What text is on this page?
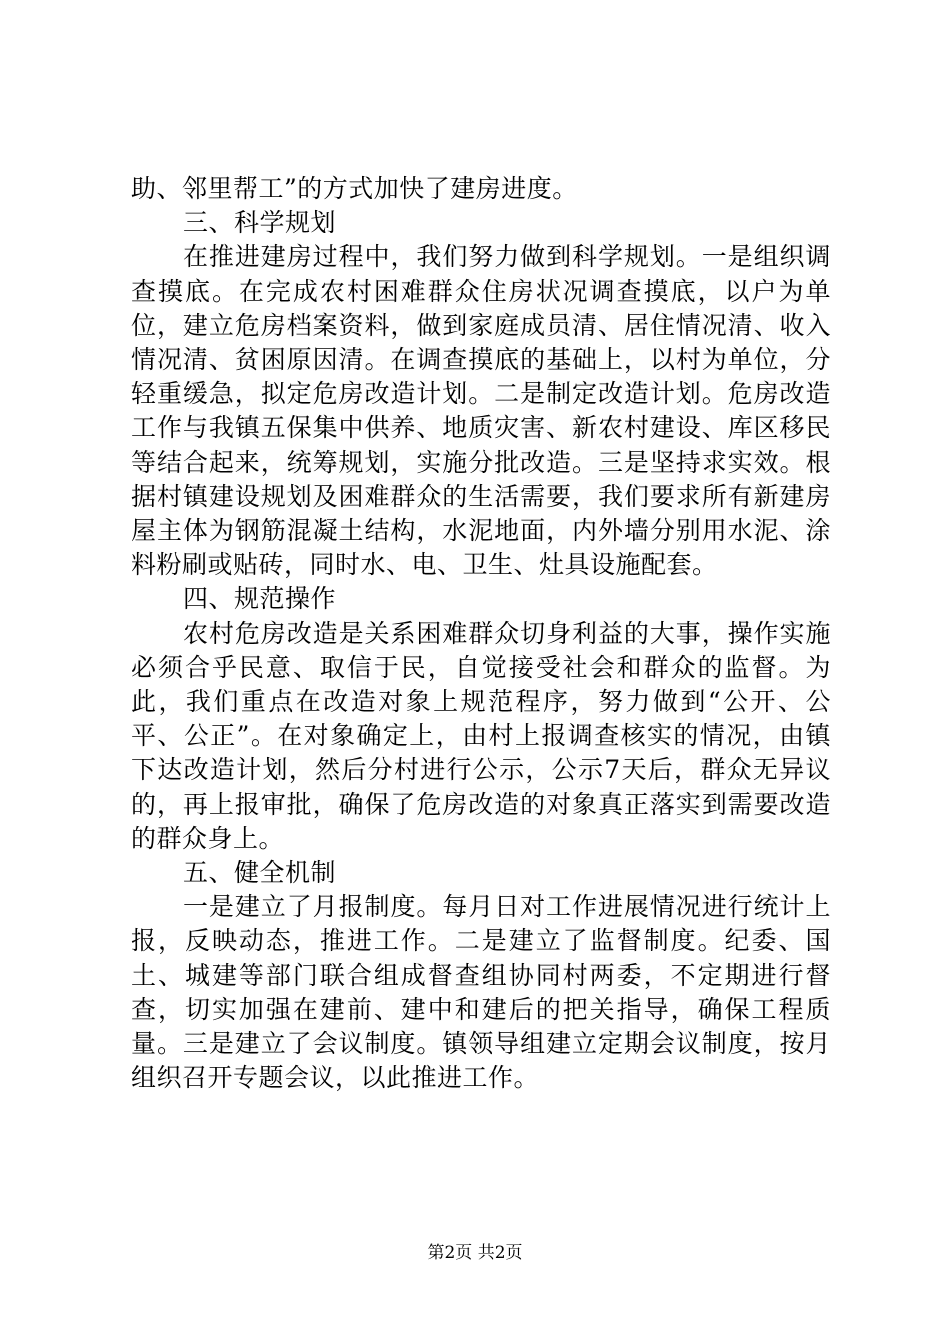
助、邻里帮工”的方式加快了建房进度。

三、科学规划

在推进建房过程中，我们努力做到科学规划。一是组织调查摸底。在完成农村困难群众住房状况调查摸底，以户为单位，建立危房档案资料，做到家庭成员清、居住情况清、收入情况清、贫困原因清。在调查摸底的基础上，以村为单位，分轻重缓急，拟定危房改造计划。二是制定改造计划。危房改造工作与我镇五保集中供养、地质灾害、新农村建设、库区移民等结合起来，统筹规划，实施分批改造。三是坚持求实效。根据村镇建设规划及困难群众的生活需要，我们要求所有新建房屋主体为钢筋混凝土结构，水泥地面，内外墙分别用水泥、涂料粉刷或贴砖，同时水、电、卫生、灶具设施配套。

四、规范操作

农村危房改造是关系困难群众切身利益的大事，操作实施必须合乎民意、取信于民，自觉接受社会和群众的监督。为此，我们重点在改造对象上规范程序，努力做到“公开、公平、公正”。在对象确定上，由村上报调查核实的情况，由镇下达改造计划，然后分村进行公示，公示7天后，群众无异议的，再上报审批，确保了危房改造的对象真正落实到需要改造的群众身上。

五、健全机制

一是建立了月报制度。每月日对工作进展情况进行统计上报，反映动态，推进工作。二是建立了监督制度。纪委、国土、城建等部门联合组成督查组协同村两委，不定期进行督查，切实加强在建前、建中和建后的把关指导，确保工程质量。三是建立了会议制度。镇领导组建立定期会议制度，按月组织召开专题会议，以此推进工作。

第2页 共2页
